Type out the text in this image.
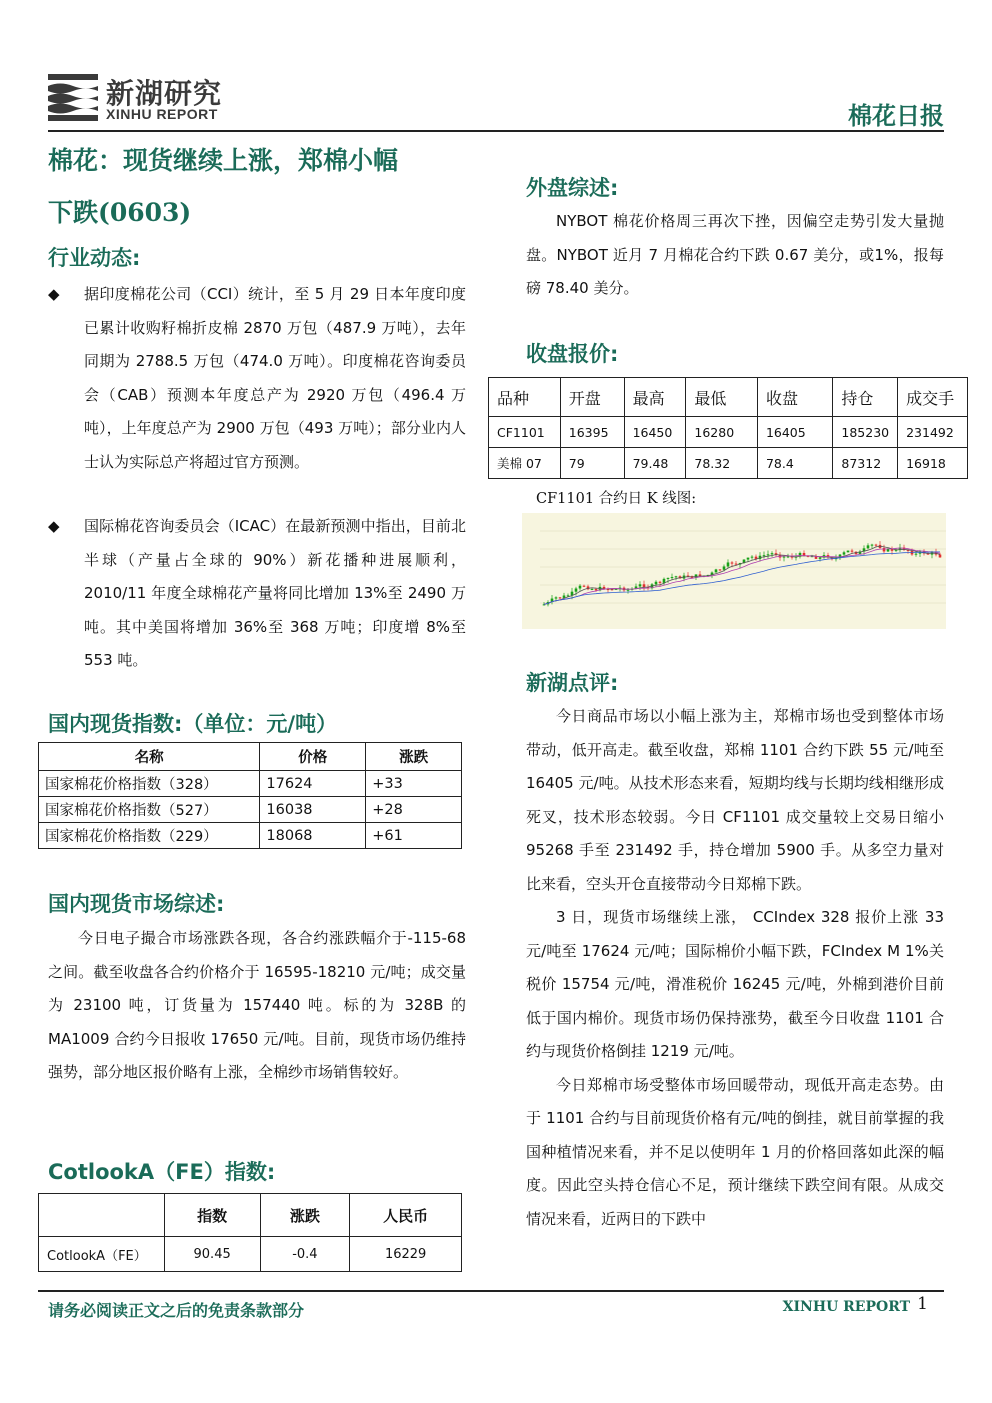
新湖研究
XINHU REPORT	棉花日报
棉花：现货继续上涨，郑棉小幅
下跌(0603)
行业动态:
◆ 据印度棉花公司（CCI）统计，至 5 月 29 日本年度印度已累计收购籽棉折皮棉 2870 万包（487.9 万吨），去年同期为 2788.5 万包（474.0 万吨）。印度棉花咨询委员会（CAB）预测本年度总产为 2920 万包（496.4 万吨），上年度总产为 2900 万包（493 万吨）；部分业内人士认为实际总产将超过官方预测。
◆ 国际棉花咨询委员会（ICAC）在最新预测中指出，目前北半球（产量占全球的 90%）新花播种进展顺利，2010/11 年度全球棉花产量将同比增加 13%至 2490 万吨。其中美国将增加 36%至 368 万吨；印度增 8%至 553 吨。
国内现货指数:（单位：元/吨）
名称	价格	涨跌
国家棉花价格指数（328）	17624	+33
国家棉花价格指数（527）	16038	+28
国家棉花价格指数（229）	18068	+61
国内现货市场综述:

今日电子撮合市场涨跌各现，各合约涨跌幅介于-115-68 之间。截至收盘各合约价格介于 16595-18210 元/吨；成交量为 23100 吨，订货量为 157440 吨。标的为 328B 的 MA1009 合约今日报收 17650 元/吨。目前，现货市场仍维持强势，部分地区报价略有上涨，全棉纱市场销售较好。

CotlookA（FE）指数:
	指数	涨跌	人民币
CotlookA（FE）	90.45	-0.4	16229
外盘综述:

NYBOT 棉花价格周三再次下挫，因偏空走势引发大量抛盘。NYBOT 近月 7 月棉花合约下跌 0.67 美分，或1%，报每磅 78.40 美分。

收盘报价:
品种	开盘	最高	最低	收盘	持仓	成交手
CF1101	16395	16450	16280	16405	185230	231492
美棉 07	79	79.48	78.32	78.4	87312	16918
CF1101 合约日 K 线图:
新湖点评:

今日商品市场以小幅上涨为主，郑棉市场也受到整体市场带动，低开高走。截至收盘，郑棉 1101 合约下跌 55 元/吨至 16405 元/吨。从技术形态来看，短期均线与长期均线相继形成死叉，技术形态较弱。今日 CF1101 成交量较上交易日缩小 95268 手至 231492 手，持仓增加 5900 手。从多空力量对比来看，空头开仓直接带动今日郑棉下跌。

3 日，现货市场继续上涨， CCIndex 328 报价上涨 33 元/吨至 17624 元/吨；国际棉价小幅下跌，FCIndex M 1%关税价 15754 元/吨，滑准税价 16245 元/吨，外棉到港价目前低于国内棉价。现货市场仍保持涨势，截至今日收盘 1101 合约与现货价格倒挂 1219 元/吨。

今日郑棉市场受整体市场回暖带动，现低开高走态势。由于 1101 合约与目前现货价格有元/吨的倒挂，就目前掌握的我国种植情况来看，并不足以使明年 1 月的价格回落如此深的幅度。因此空头持仓信心不足，预计继续下跌空间有限。从成交情况来看，近两日的下跌中

请务必阅读正文之后的免责条款部分	XINHU REPORT 1
